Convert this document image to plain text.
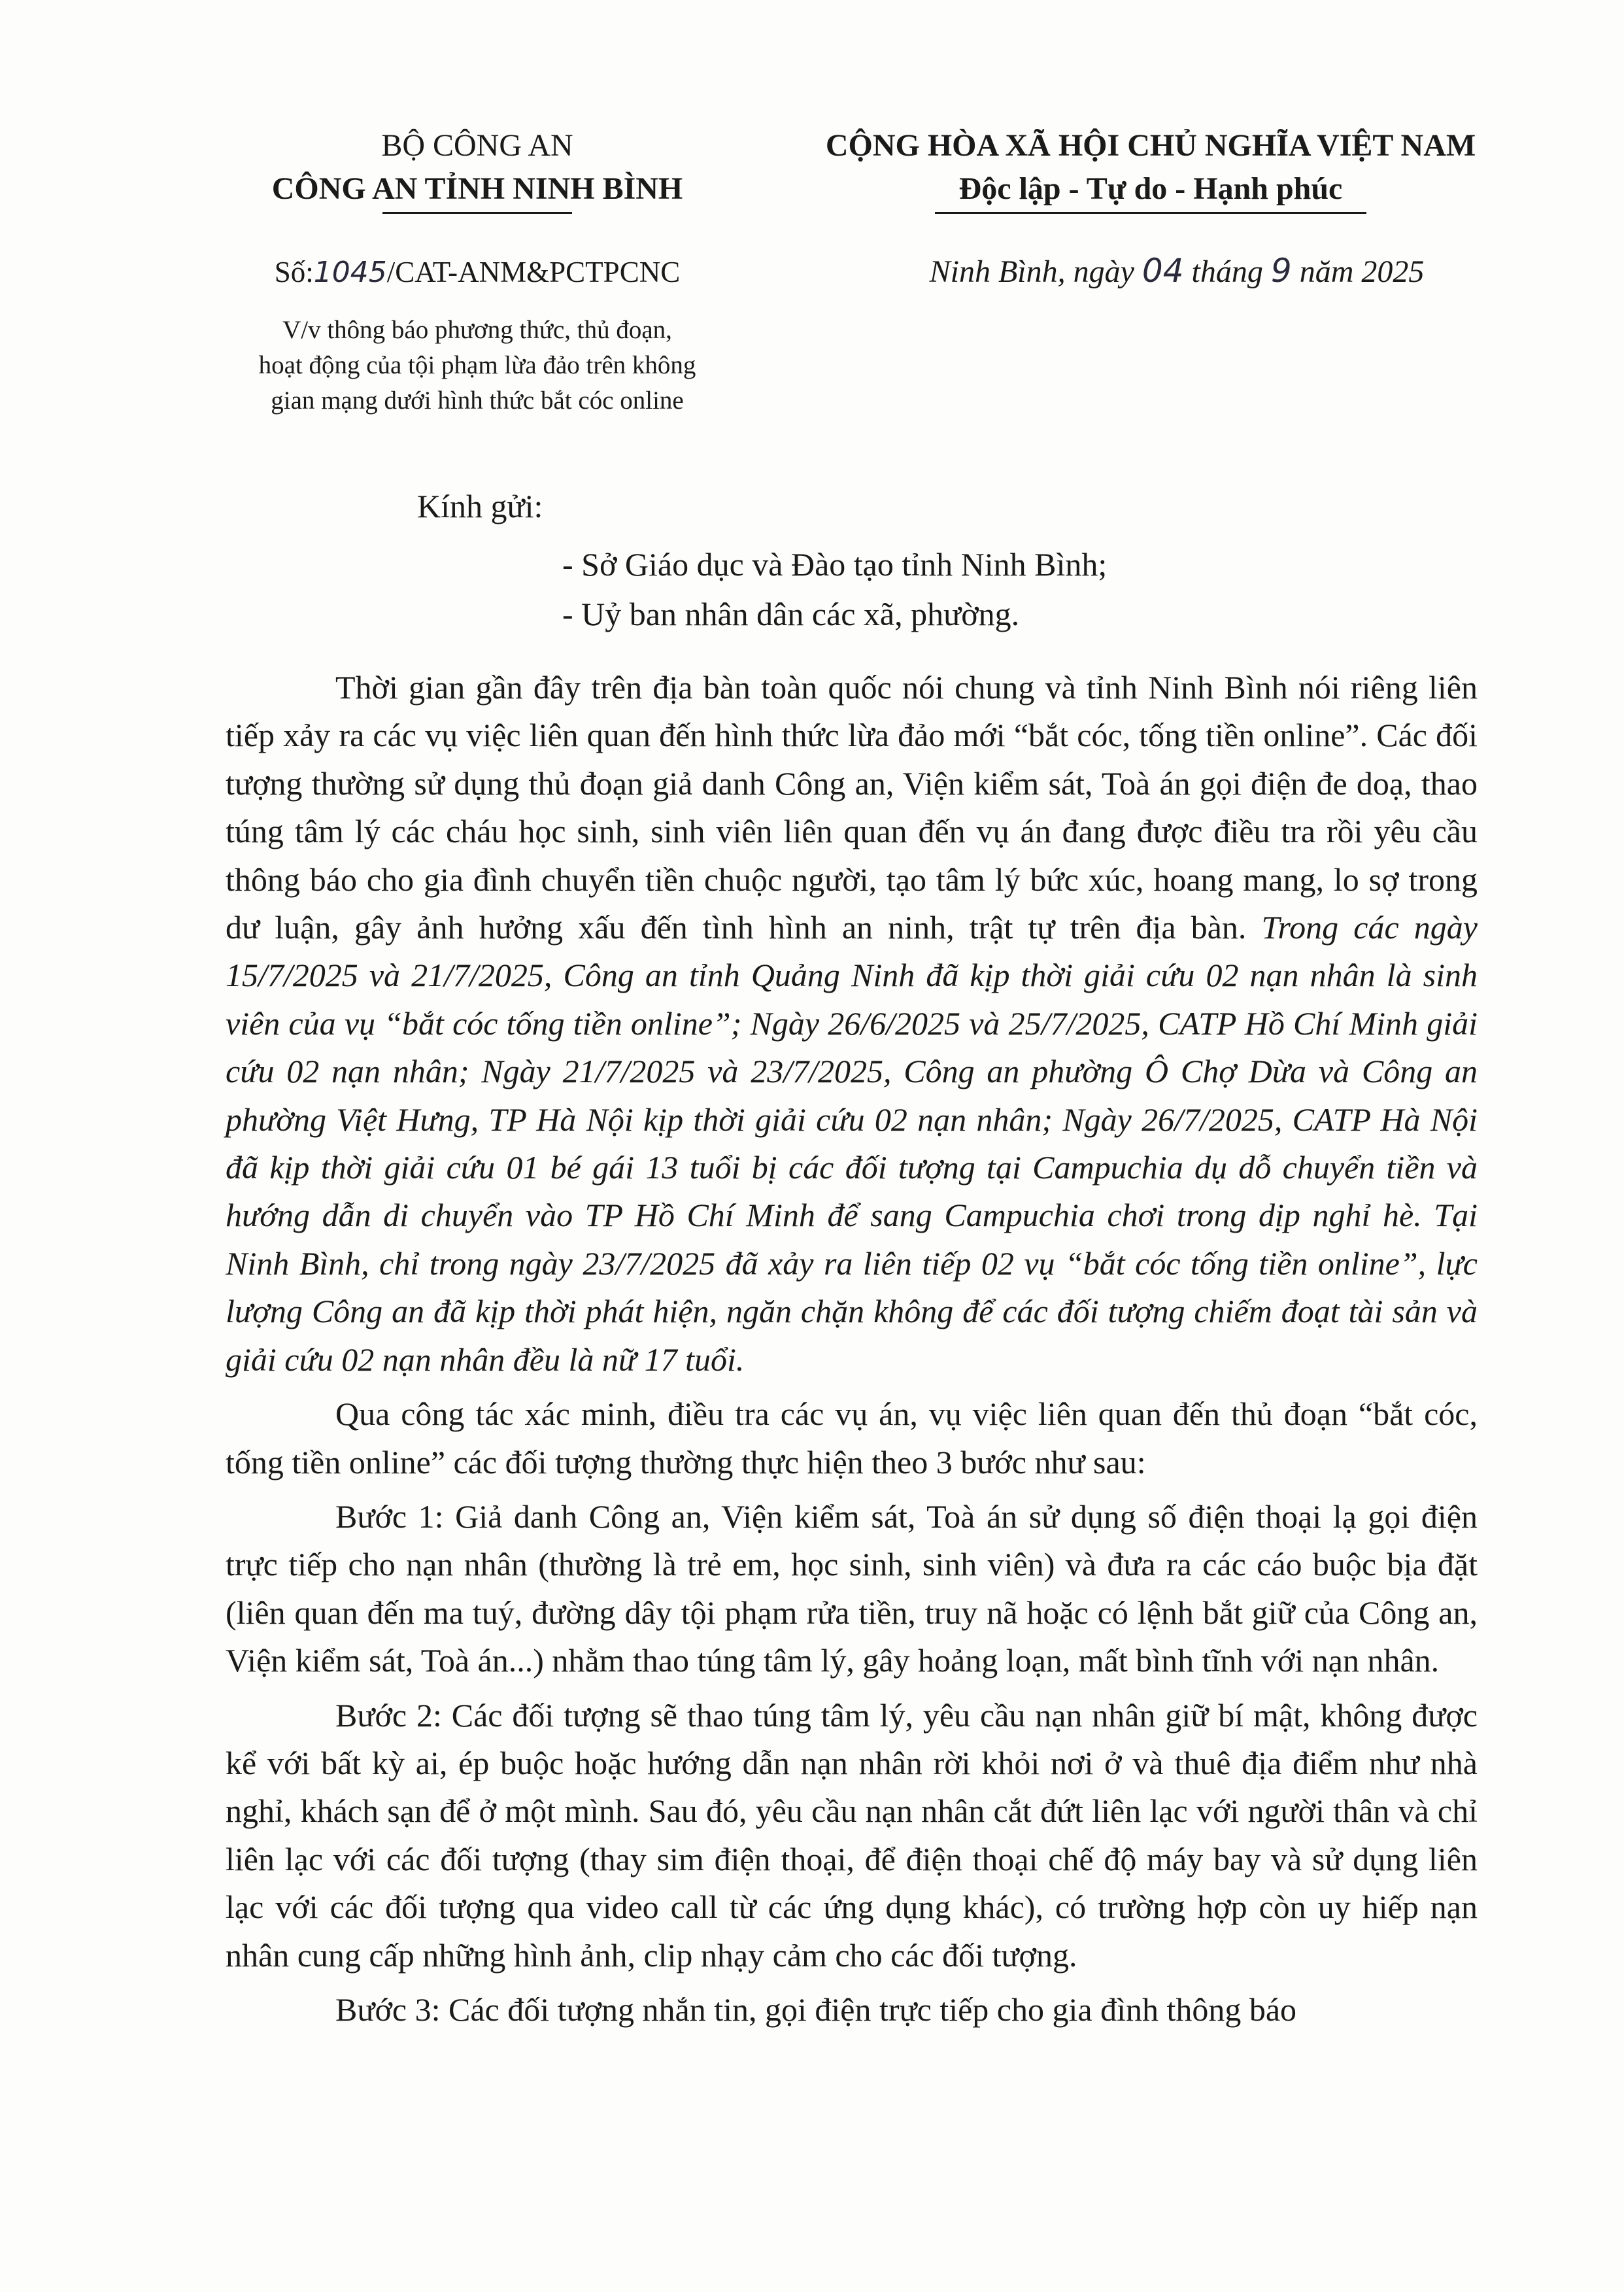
BỘ CÔNG AN
CÔNG AN TỈNH NINH BÌNH
CỘNG HÒA XÃ HỘI CHỦ NGHĨA VIỆT NAM
Độc lập - Tự do - Hạnh phúc
Số:1045/CAT-ANM&PCTPCNC
V/v thông báo phương thức, thủ đoạn,
hoạt động của tội phạm lừa đảo trên không
gian mạng dưới hình thức bắt cóc online
Ninh Bình, ngày 04 tháng 9 năm 2025
Kính gửi:
- Sở Giáo dục và Đào tạo tỉnh Ninh Bình;
- Uỷ ban nhân dân các xã, phường.

Thời gian gần đây trên địa bàn toàn quốc nói chung và tỉnh Ninh Bình nói riêng liên tiếp xảy ra các vụ việc liên quan đến hình thức lừa đảo mới “bắt cóc, tống tiền online”. Các đối tượng thường sử dụng thủ đoạn giả danh Công an, Viện kiểm sát, Toà án gọi điện đe doạ, thao túng tâm lý các cháu học sinh, sinh viên liên quan đến vụ án đang được điều tra rồi yêu cầu thông báo cho gia đình chuyển tiền chuộc người, tạo tâm lý bức xúc, hoang mang, lo sợ trong dư luận, gây ảnh hưởng xấu đến tình hình an ninh, trật tự trên địa bàn. Trong các ngày 15/7/2025 và 21/7/2025, Công an tỉnh Quảng Ninh đã kịp thời giải cứu 02 nạn nhân là sinh viên của vụ “bắt cóc tống tiền online”; Ngày 26/6/2025 và 25/7/2025, CATP Hồ Chí Minh giải cứu 02 nạn nhân; Ngày 21/7/2025 và 23/7/2025, Công an phường Ô Chợ Dừa và Công an phường Việt Hưng, TP Hà Nội kịp thời giải cứu 02 nạn nhân; Ngày 26/7/2025, CATP Hà Nội đã kịp thời giải cứu 01 bé gái 13 tuổi bị các đối tượng tại Campuchia dụ dỗ chuyển tiền và hướng dẫn di chuyển vào TP Hồ Chí Minh để sang Campuchia chơi trong dịp nghỉ hè. Tại Ninh Bình, chỉ trong ngày 23/7/2025 đã xảy ra liên tiếp 02 vụ “bắt cóc tống tiền online”, lực lượng Công an đã kịp thời phát hiện, ngăn chặn không để các đối tượng chiếm đoạt tài sản và giải cứu 02 nạn nhân đều là nữ 17 tuổi.

Qua công tác xác minh, điều tra các vụ án, vụ việc liên quan đến thủ đoạn “bắt cóc, tống tiền online” các đối tượng thường thực hiện theo 3 bước như sau:

Bước 1: Giả danh Công an, Viện kiểm sát, Toà án sử dụng số điện thoại lạ gọi điện trực tiếp cho nạn nhân (thường là trẻ em, học sinh, sinh viên) và đưa ra các cáo buộc bịa đặt (liên quan đến ma tuý, đường dây tội phạm rửa tiền, truy nã hoặc có lệnh bắt giữ của Công an, Viện kiểm sát, Toà án...) nhằm thao túng tâm lý, gây hoảng loạn, mất bình tĩnh với nạn nhân.

Bước 2: Các đối tượng sẽ thao túng tâm lý, yêu cầu nạn nhân giữ bí mật, không được kể với bất kỳ ai, ép buộc hoặc hướng dẫn nạn nhân rời khỏi nơi ở và thuê địa điểm như nhà nghỉ, khách sạn để ở một mình. Sau đó, yêu cầu nạn nhân cắt đứt liên lạc với người thân và chỉ liên lạc với các đối tượng (thay sim điện thoại, để điện thoại chế độ máy bay và sử dụng liên lạc với các đối tượng qua video call từ các ứng dụng khác), có trường hợp còn uy hiếp nạn nhân cung cấp những hình ảnh, clip nhạy cảm cho các đối tượng.

Bước 3: Các đối tượng nhắn tin, gọi điện trực tiếp cho gia đình thông báo
